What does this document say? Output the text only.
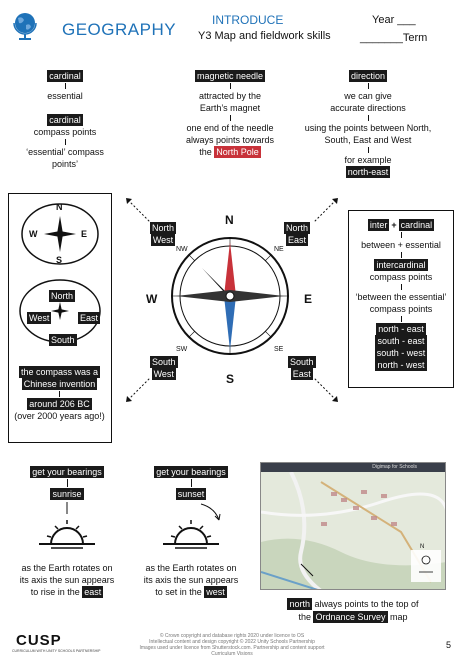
GEOGRAPHY	INTRODUCE
Y3 Map and fieldwork skills
Year ___
_______Term
cardinal
essential
cardinal
compass points
‘essential’ compass
points’
magnetic needle
attracted by the
Earth’s magnet
one end of the needle
always points towards
the North Pole
direction
we can give
accurate directions
using the points between North,
South, East and West
for example
north-east
N
S
E
W
North
South
East
West
the compass was a
Chinese invention
around 206 BC
(over 2000 years ago!)
N
S
E
W
NW	NE
SW	SE
North
West
North
East
South
West
South
East
inter + cardinal
between + essential
intercardinal
compass points
‘between the essential’
compass points
north - east
south - east
south - west
north - west
get your bearings
sunrise
as the Earth rotates on
its axis the sun appears
to rise in the east
get your bearings
sunset
as the Earth rotates on
its axis the sun appears
to set in the west
Digimap for Schools
N
north always points to the top of
the Ordnance Survey map
CUSP
CURRICULUM WITH UNITY SCHOOLS PARTNERSHIP
© Crown copyright and database rights 2020 under licence to OS
Intellectual content and design copyright © 2022 Unity Schools Partnership
Images used under licence from Shutterstock.com. Partnership and content support Curriculum Visions
5
